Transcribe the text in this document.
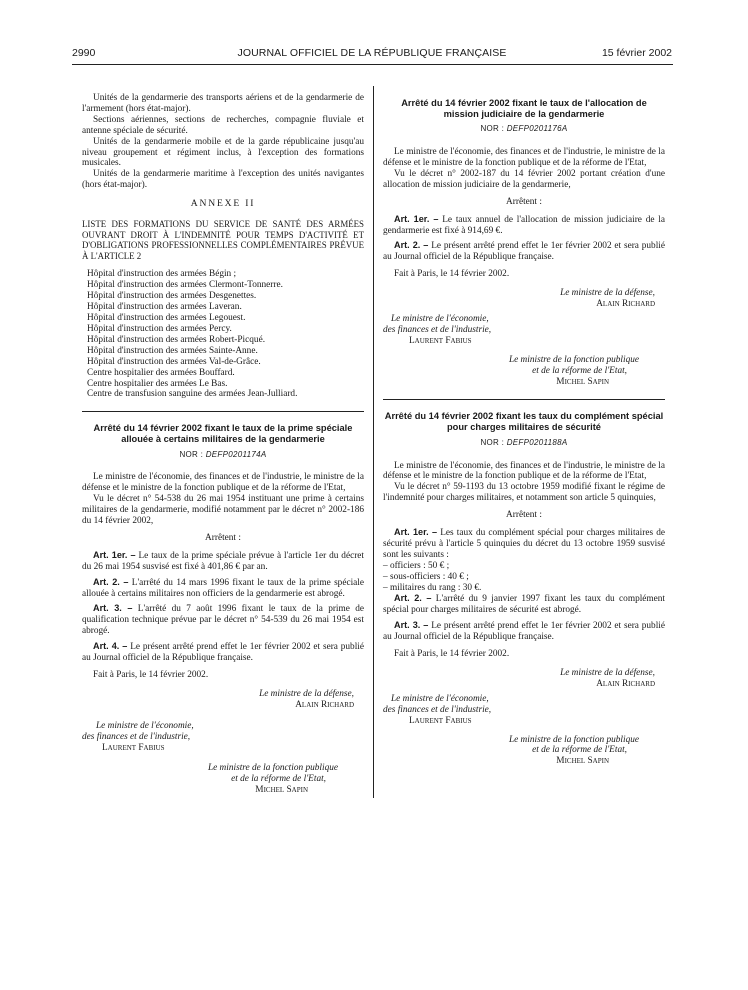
2990	JOURNAL OFFICIEL DE LA RÉPUBLIQUE FRANÇAISE	15 février 2002

Unités de la gendarmerie des transports aériens et de la gendarmerie de l'armement (hors état-major).

Sections aériennes, sections de recherches, compagnie fluviale et antenne spéciale de sécurité.

Unités de la gendarmerie mobile et de la garde républicaine jusqu'au niveau groupement et régiment inclus, à l'exception des formations musicales.

Unités de la gendarmerie maritime à l'exception des unités navigantes (hors état-major).

ANNEXE II

LISTE DES FORMATIONS DU SERVICE DE SANTÉ DES ARMÉES OUVRANT DROIT À L'INDEMNITÉ POUR TEMPS D'ACTIVITÉ ET D'OBLIGATIONS PROFESSIONNELLES COMPLÉMENTAIRES PRÉVUE À L'ARTICLE 2

Hôpital d'instruction des armées Bégin ;
Hôpital d'instruction des armées Clermont-Tonnerre.
Hôpital d'instruction des armées Desgenettes.
Hôpital d'instruction des armées Laveran.
Hôpital d'instruction des armées Legouest.
Hôpital d'instruction des armées Percy.
Hôpital d'instruction des armées Robert-Picqué.
Hôpital d'instruction des armées Sainte-Anne.
Hôpital d'instruction des armées Val-de-Grâce.
Centre hospitalier des armées Bouffard.
Centre hospitalier des armées Le Bas.
Centre de transfusion sanguine des armées Jean-Julliard.
Arrêté du 14 février 2002 fixant le taux de la prime spéciale allouée à certains militaires de la gendarmerie
NOR : DEFP0201174A

Le ministre de l'économie, des finances et de l'industrie, le ministre de la défense et le ministre de la fonction publique et de la réforme de l'Etat,

Vu le décret n° 54-538 du 26 mai 1954 instituant une prime à certains militaires de la gendarmerie, modifié notamment par le décret n° 2002-186 du 14 février 2002,

Arrêtent :

Art. 1er. – Le taux de la prime spéciale prévue à l'article 1er du décret du 26 mai 1954 susvisé est fixé à 401,86 € par an.

Art. 2. – L'arrêté du 14 mars 1996 fixant le taux de la prime spéciale allouée à certains militaires non officiers de la gendarmerie est abrogé.

Art. 3. – L'arrêté du 7 août 1996 fixant le taux de la prime de qualification technique prévue par le décret n° 54-539 du 26 mai 1954 est abrogé.

Art. 4. – Le présent arrêté prend effet le 1er février 2002 et sera publié au Journal officiel de la République française.

Fait à Paris, le 14 février 2002.

Le ministre de la défense,
Alain Richard
Le ministre de l'économie,
des finances et de l'industrie,
Laurent Fabius
Le ministre de la fonction publique
et de la réforme de l'Etat,
Michel Sapin
Arrêté du 14 février 2002 fixant le taux de l'allocation de mission judiciaire de la gendarmerie
NOR : DEFP0201176A

Le ministre de l'économie, des finances et de l'industrie, le ministre de la défense et le ministre de la fonction publique et de la réforme de l'Etat,

Vu le décret n° 2002-187 du 14 février 2002 portant création d'une allocation de mission judiciaire de la gendarmerie,

Arrêtent :

Art. 1er. – Le taux annuel de l'allocation de mission judiciaire de la gendarmerie est fixé à 914,69 €.

Art. 2. – Le présent arrêté prend effet le 1er février 2002 et sera publié au Journal officiel de la République française.

Fait à Paris, le 14 février 2002.

Le ministre de la défense,
Alain Richard
Le ministre de l'économie,
des finances et de l'industrie,
Laurent Fabius
Le ministre de la fonction publique
et de la réforme de l'Etat,
Michel Sapin
Arrêté du 14 février 2002 fixant les taux du complément spécial pour charges militaires de sécurité
NOR : DEFP0201188A

Le ministre de l'économie, des finances et de l'industrie, le ministre de la défense et le ministre de la fonction publique et de la réforme de l'Etat,

Vu le décret n° 59-1193 du 13 octobre 1959 modifié fixant le régime de l'indemnité pour charges militaires, et notamment son article 5 quinquies,

Arrêtent :

Art. 1er. – Les taux du complément spécial pour charges militaires de sécurité prévu à l'article 5 quinquies du décret du 13 octobre 1959 susvisé sont les suivants :

– officiers : 50 € ;
– sous-officiers : 40 € ;
– militaires du rang : 30 €.

Art. 2. – L'arrêté du 9 janvier 1997 fixant les taux du complément spécial pour charges militaires de sécurité est abrogé.

Art. 3. – Le présent arrêté prend effet le 1er février 2002 et sera publié au Journal officiel de la République française.

Fait à Paris, le 14 février 2002.

Le ministre de la défense,
Alain Richard
Le ministre de l'économie,
des finances et de l'industrie,
Laurent Fabius
Le ministre de la fonction publique
et de la réforme de l'Etat,
Michel Sapin
